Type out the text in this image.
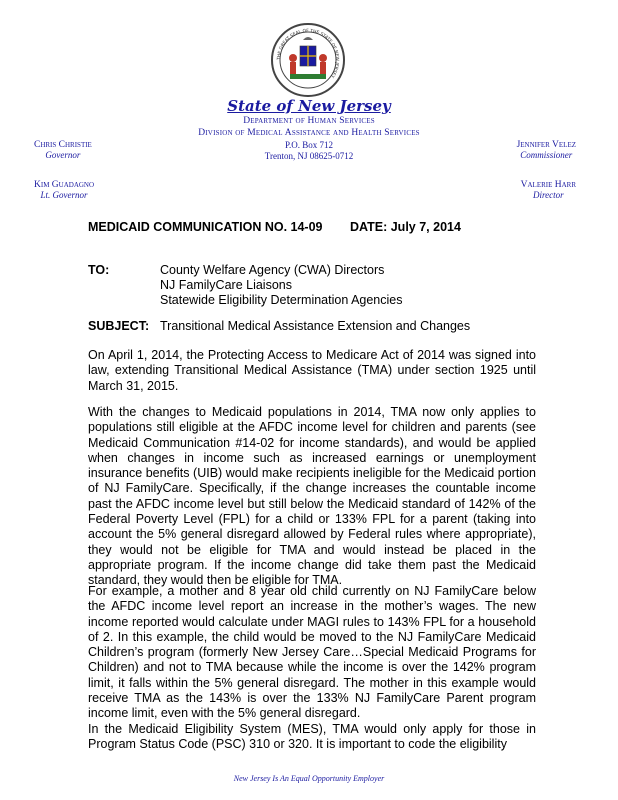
THE GREAT SEAL OF THE STATE OF NEW JERSEY
State of New Jersey
Department of Human Services
Division of Medical Assistance and Health Services
P.O. Box 712
Trenton, NJ 08625-0712
Chris Christie
Governor
Kim Guadagno
Lt. Governor
Jennifer Velez
Commissioner
Valerie Harr
Director
MEDICAID COMMUNICATION NO. 14-09 DATE: July 7, 2014
TO:	County Welfare Agency (CWA) Directors
NJ FamilyCare Liaisons
Statewide Eligibility Determination Agencies
SUBJECT: Transitional Medical Assistance Extension and Changes
On April 1, 2014, the Protecting Access to Medicare Act of 2014 was signed into law, extending Transitional Medical Assistance (TMA) under section 1925 until March 31, 2015.
With the changes to Medicaid populations in 2014, TMA now only applies to populations still eligible at the AFDC income level for children and parents (see Medicaid Communication #14-02 for income standards), and would be applied when changes in income such as increased earnings or unemployment insurance benefits (UIB) would make recipients ineligible for the Medicaid portion of NJ FamilyCare. Specifically, if the change increases the countable income past the AFDC income level but still below the Medicaid standard of 142% of the Federal Poverty Level (FPL) for a child or 133% FPL for a parent (taking into account the 5% general disregard allowed by Federal rules where appropriate), they would not be eligible for TMA and would instead be placed in the appropriate program. If the income change did take them past the Medicaid standard, they would then be eligible for TMA.
For example, a mother and 8 year old child currently on NJ FamilyCare below the AFDC income level report an increase in the mother’s wages. The new income reported would calculate under MAGI rules to 143% FPL for a household of 2. In this example, the child would be moved to the NJ FamilyCare Medicaid Children’s program (formerly New Jersey Care…Special Medicaid Programs for Children) and not to TMA because while the income is over the 142% program limit, it falls within the 5% general disregard. The mother in this example would receive TMA as the 143% is over the 133% NJ FamilyCare Parent program income limit, even with the 5% general disregard.
In the Medicaid Eligibility System (MES), TMA would only apply for those in Program Status Code (PSC) 310 or 320. It is important to code the eligibility
New Jersey Is An Equal Opportunity Employer
